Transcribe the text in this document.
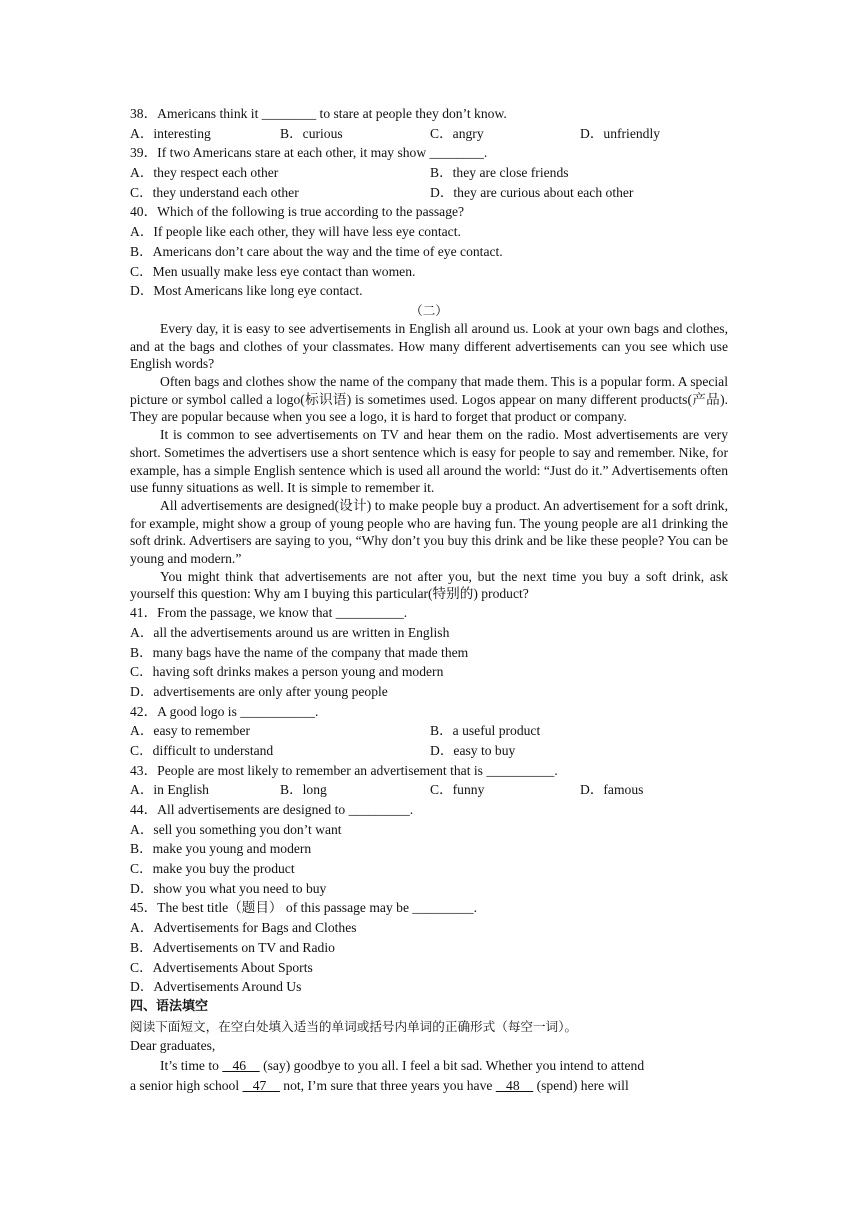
38．Americans think it ________ to stare at people they don’t know.
A．interesting	B．curious	C．angry	D．unfriendly
39．If two Americans stare at each other, it may show ________.
A．they respect each other	B．they are close friends
C．they understand each other	D．they are curious about each other
40．Which of the following is true according to the passage?
A．If people like each other, they will have less eye contact.
B．Americans don’t care about the way and the time of eye contact.
C．Men usually make less eye contact than women.
D．Most Americans like long eye contact.
（二）

Every day, it is easy to see advertisements in English all around us. Look at your own bags and clothes, and at the bags and clothes of your classmates. How many different advertisements can you see which use English words?

Often bags and clothes show the name of the company that made them. This is a popular form. A special picture or symbol called a logo(标识语) is sometimes used. Logos appear on many different products(产品). They are popular because when you see a logo, it is hard to forget that product or company.

It is common to see advertisements on TV and hear them on the radio. Most advertisements are very short. Sometimes the advertisers use a short sentence which is easy for people to say and remember. Nike, for example, has a simple English sentence which is used all around the world: “Just do it.” Advertisements often use funny situations as well. It is simple to remember it.

All advertisements are designed(设计) to make people buy a product. An advertisement for a soft drink, for example, might show a group of young people who are having fun. The young people are al1 drinking the soft drink. Advertisers are saying to you, “Why don’t you buy this drink and be like these people? You can be young and modern.”

You might think that advertisements are not after you, but the next time you buy a soft drink, ask yourself this question: Why am I buying this particular(特别的) product?

41．From the passage, we know that __________.
A．all the advertisements around us are written in English
B．many bags have the name of the company that made them
C．having soft drinks makes a person young and modern
D．advertisements are only after young people
42．A good logo is ___________.
A．easy to remember	B．a useful product
C．difficult to understand	D．easy to buy
43．People are most likely to remember an advertisement that is __________.
A．in English	B．long	C．funny	D．famous
44．All advertisements are designed to _________.
A．sell you something you don’t want
B．make you young and modern
C．make you buy the product
D．show you what you need to buy
45．The best title（题目） of this passage may be _________.
A．Advertisements for Bags and Clothes
B．Advertisements on TV and Radio
C．Advertisements About Sports
D．Advertisements Around Us
四、语法填空
阅读下面短文，在空白处填入适当的单词或括号内单词的正确形式（每空一词）。
Dear graduates,
It’s time to    46     (say) goodbye to you all. I feel a bit sad. Whether you intend to attend
a senior high school    47     not, I’m sure that three years you have    48     (spend) here will
